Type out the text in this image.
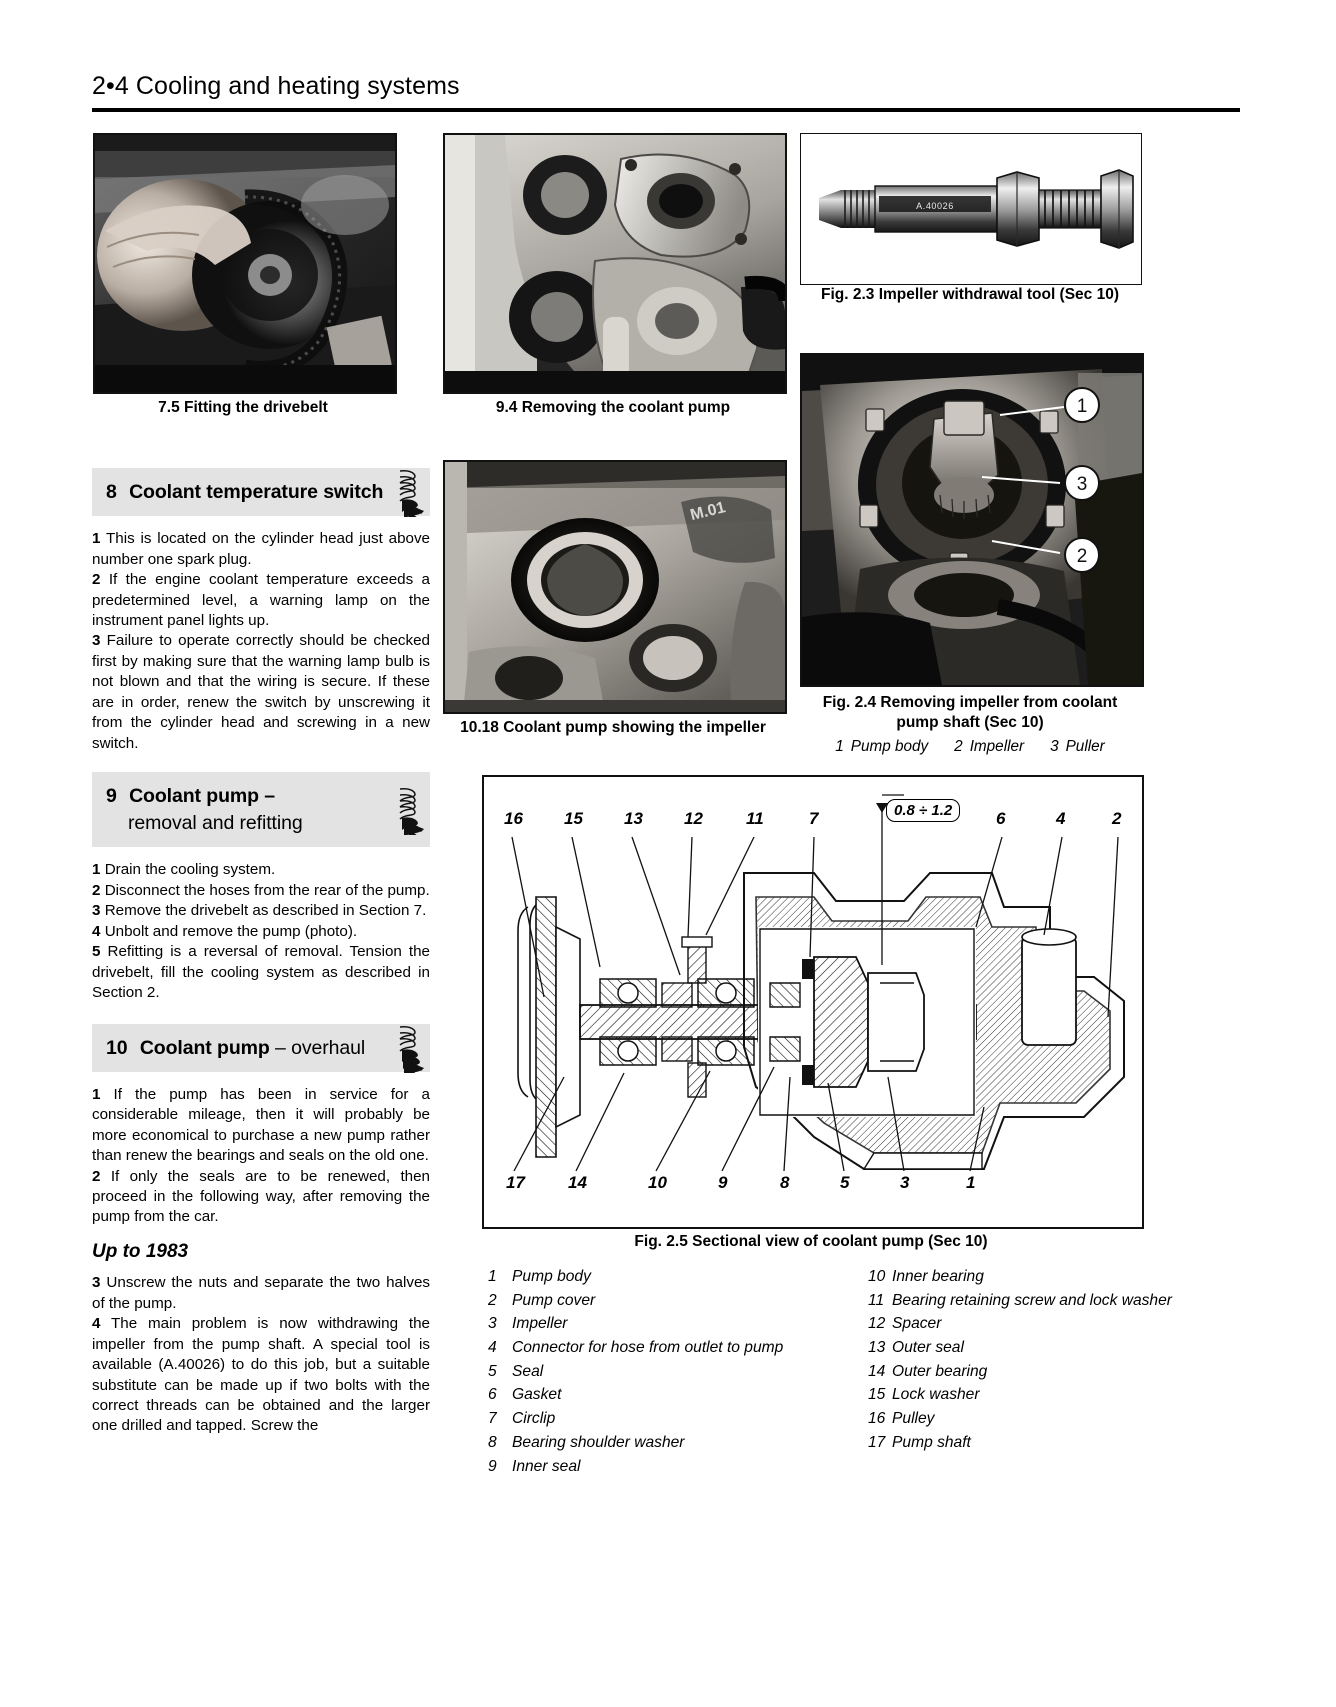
2•4 Cooling and heating systems
7.5 Fitting the drivebelt	9.4 Removing the coolant pump
A.40026
Fig. 2.3 Impeller withdrawal tool (Sec 10)
1
3
2
Fig. 2.4 Removing impeller from coolant
pump shaft (Sec 10)
1 Pump body 2 Impeller 3 Puller
M.01
10.18 Coolant pump showing the impeller
8 Coolant temperature switch

1 This is located on the cylinder head just above number one spark plug.

2 If the engine coolant temperature exceeds a predetermined level, a warning lamp on the instrument panel lights up.

3 Failure to operate correctly should be checked first by making sure that the warning lamp bulb is not blown and that the wiring is secure. If these are in order, renew the switch by unscrewing it from the cylinder head and screwing in a new switch.

9 Coolant pump –
removal and refitting

1 Drain the cooling system.

2 Disconnect the hoses from the rear of the pump.

3 Remove the drivebelt as described in Section 7.

4 Unbolt and remove the pump (photo).

5 Refitting is a reversal of removal. Tension the drivebelt, fill the cooling system as described in Section 2.

10 Coolant pump – overhaul

1 If the pump has been in service for a considerable mileage, then it will probably be more economical to purchase a new pump rather than renew the bearings and seals on the old one.

2 If only the seals are to be renewed, then proceed in the following way, after removing the pump from the car.

Up to 1983

3 Unscrew the nuts and separate the two halves of the pump.

4 The main problem is now withdrawing the impeller from the pump shaft. A special tool is available (A.40026) to do this job, but a suitable substitute can be made up if two bolts with the correct threads can be obtained and the larger one drilled and tapped. Screw the

16 15 13 12	11	7	6	4	2
0.8 ÷ 1.2
17	14	10	9	8	5	3	1
Fig. 2.5 Sectional view of coolant pump (Sec 10)
1 Pump body
2 Pump cover
3 Impeller
4 Connector for hose from outlet to pump
5 Seal
6 Gasket
7 Circlip
8 Bearing shoulder washer
9 Inner seal
10 Inner bearing
11 Bearing retaining screw and lock washer
12 Spacer
13 Outer seal
14 Outer bearing
15 Lock washer
16 Pulley
17 Pump shaft
